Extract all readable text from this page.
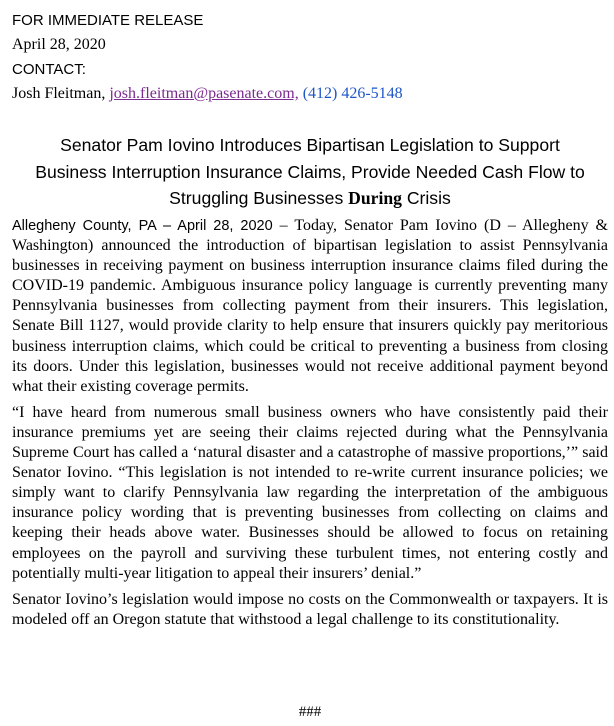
FOR IMMEDIATE RELEASE
April 28, 2020
CONTACT:
Josh Fleitman, josh.fleitman@pasenate.com, (412) 426-5148
Senator Pam Iovino Introduces Bipartisan Legislation to Support
Business Interruption Insurance Claims, Provide Needed Cash Flow to
Struggling Businesses During Crisis

Allegheny County, PA – April 28, 2020 – Today, Senator Pam Iovino (D – Allegheny & Washington) announced the introduction of bipartisan legislation to assist Pennsylvania businesses in receiving payment on business interruption insurance claims filed during the COVID-19 pandemic. Ambiguous insurance policy language is currently preventing many Pennsylvania businesses from collecting payment from their insurers. This legislation, Senate Bill 1127, would provide clarity to help ensure that insurers quickly pay meritorious business interruption claims, which could be critical to preventing a business from closing its doors. Under this legislation, businesses would not receive additional payment beyond what their existing coverage permits.

“I have heard from numerous small business owners who have consistently paid their insurance premiums yet are seeing their claims rejected during what the Pennsylvania Supreme Court has called a ‘natural disaster and a catastrophe of massive proportions,’” said Senator Iovino. “This legislation is not intended to re-write current insurance policies; we simply want to clarify Pennsylvania law regarding the interpretation of the ambiguous insurance policy wording that is preventing businesses from collecting on claims and keeping their heads above water. Businesses should be allowed to focus on retaining employees on the payroll and surviving these turbulent times, not entering costly and potentially multi-year litigation to appeal their insurers’ denial.”

Senator Iovino’s legislation would impose no costs on the Commonwealth or taxpayers. It is modeled off an Oregon statute that withstood a legal challenge to its constitutionality.

###
